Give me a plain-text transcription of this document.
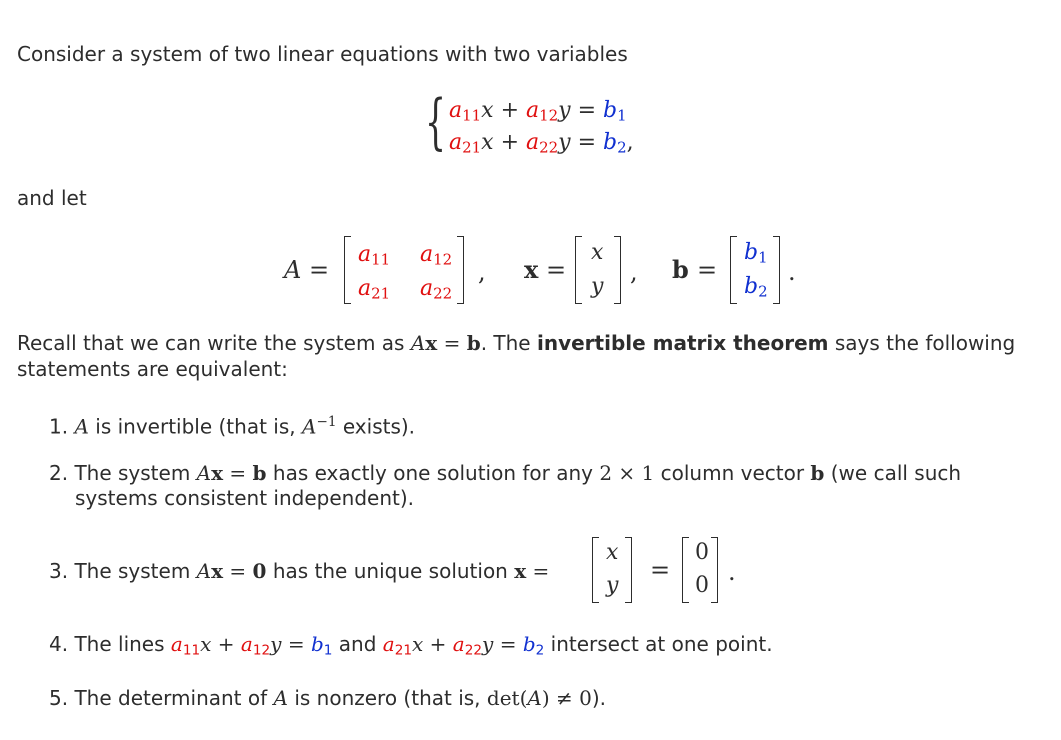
Consider a system of two linear equations with two variables
{ $a_{11}x + a_{12}y = b_1$
$a_{21}x + a_{22}y = b_2$,
and let
A =
$a_{11}$ $a_{12}$
$a_{21}$ $a_{22}$
, x =
x
y
, b =
$b_1$
$b_2$
.
Recall that we can write the system as Ax = b. The invertible matrix theorem says the following
statements are equivalent:
1. A is invertible (that is, $A^{-1}$ exists).
2. The system Ax = b has exactly one solution for any 2 × 1 column vector b (we call such
systems consistent independent).
3. The system Ax = 0 has the unique solution x =
x
y
=
0
0 .
4. The lines $a_{11}x + a_{12}y = b_1$ and $a_{21}x + a_{22}y = b_2$ intersect at one point.
5. The determinant of A is nonzero (that is, det(A) ≠ 0).
